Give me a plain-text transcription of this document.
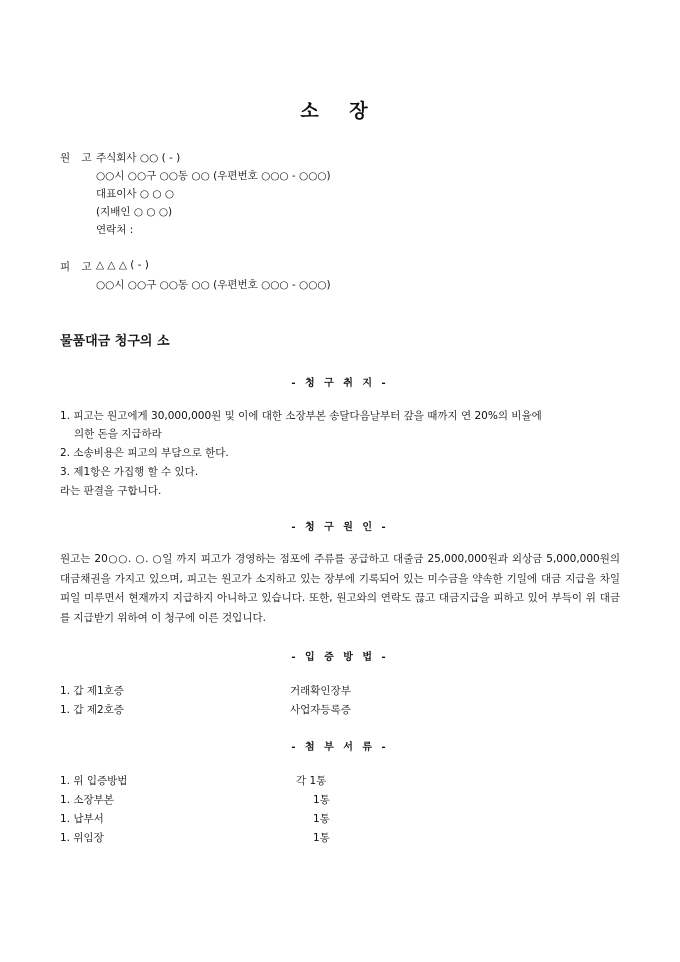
소 장
원 고 주식회사 ○○ ( - )
○○시 ○○구 ○○동 ○○ (우편번호 ○○○ - ○○○)
대표이사 ○ ○ ○
(지배인 ○ ○ ○)
연락처 :
피 고 △ △ △ ( - )
○○시 ○○구 ○○동 ○○ (우편번호 ○○○ - ○○○)
물품대금 청구의 소
- 청 구 취 지 -
1. 피고는 원고에게 30,000,000원 및 이에 대한 소장부본 송달다음날부터 갚을 때까지 연 20%의 비율에
의한 돈을 지급하라
2. 소송비용은 피고의 부담으로 한다.
3. 제1항은 가집행 할 수 있다.
라는 판결을 구합니다.
- 청 구 원 인 -
원고는 20○○. ○. ○일 까지 피고가 경영하는 점포에 주류를 공급하고 대줄금 25,000,000원과 외상금 5,000,000원의 대금채권을 가지고 있으며, 피고는 원고가 소지하고 있는 장부에 기록되어 있는 미수금을 약속한 기일에 대금 지급을 차일 피일 미루면서 현재까지 지급하지 아니하고 있습니다. 또한, 원고와의 연락도 끊고 대금지급을 피하고 있어 부득이 위 대금를 지급받기 위하여 이 청구에 이른 것입니다.
- 입 증 방 법 -
1. 갑 제1호증	거래확인장부
1. 갑 제2호증	사업자등록증
- 첨 부 서 류 -
1. 위 입증방법	각 1통
1. 소장부본	1통
1. 납부서	1통
1. 위임장	1통
